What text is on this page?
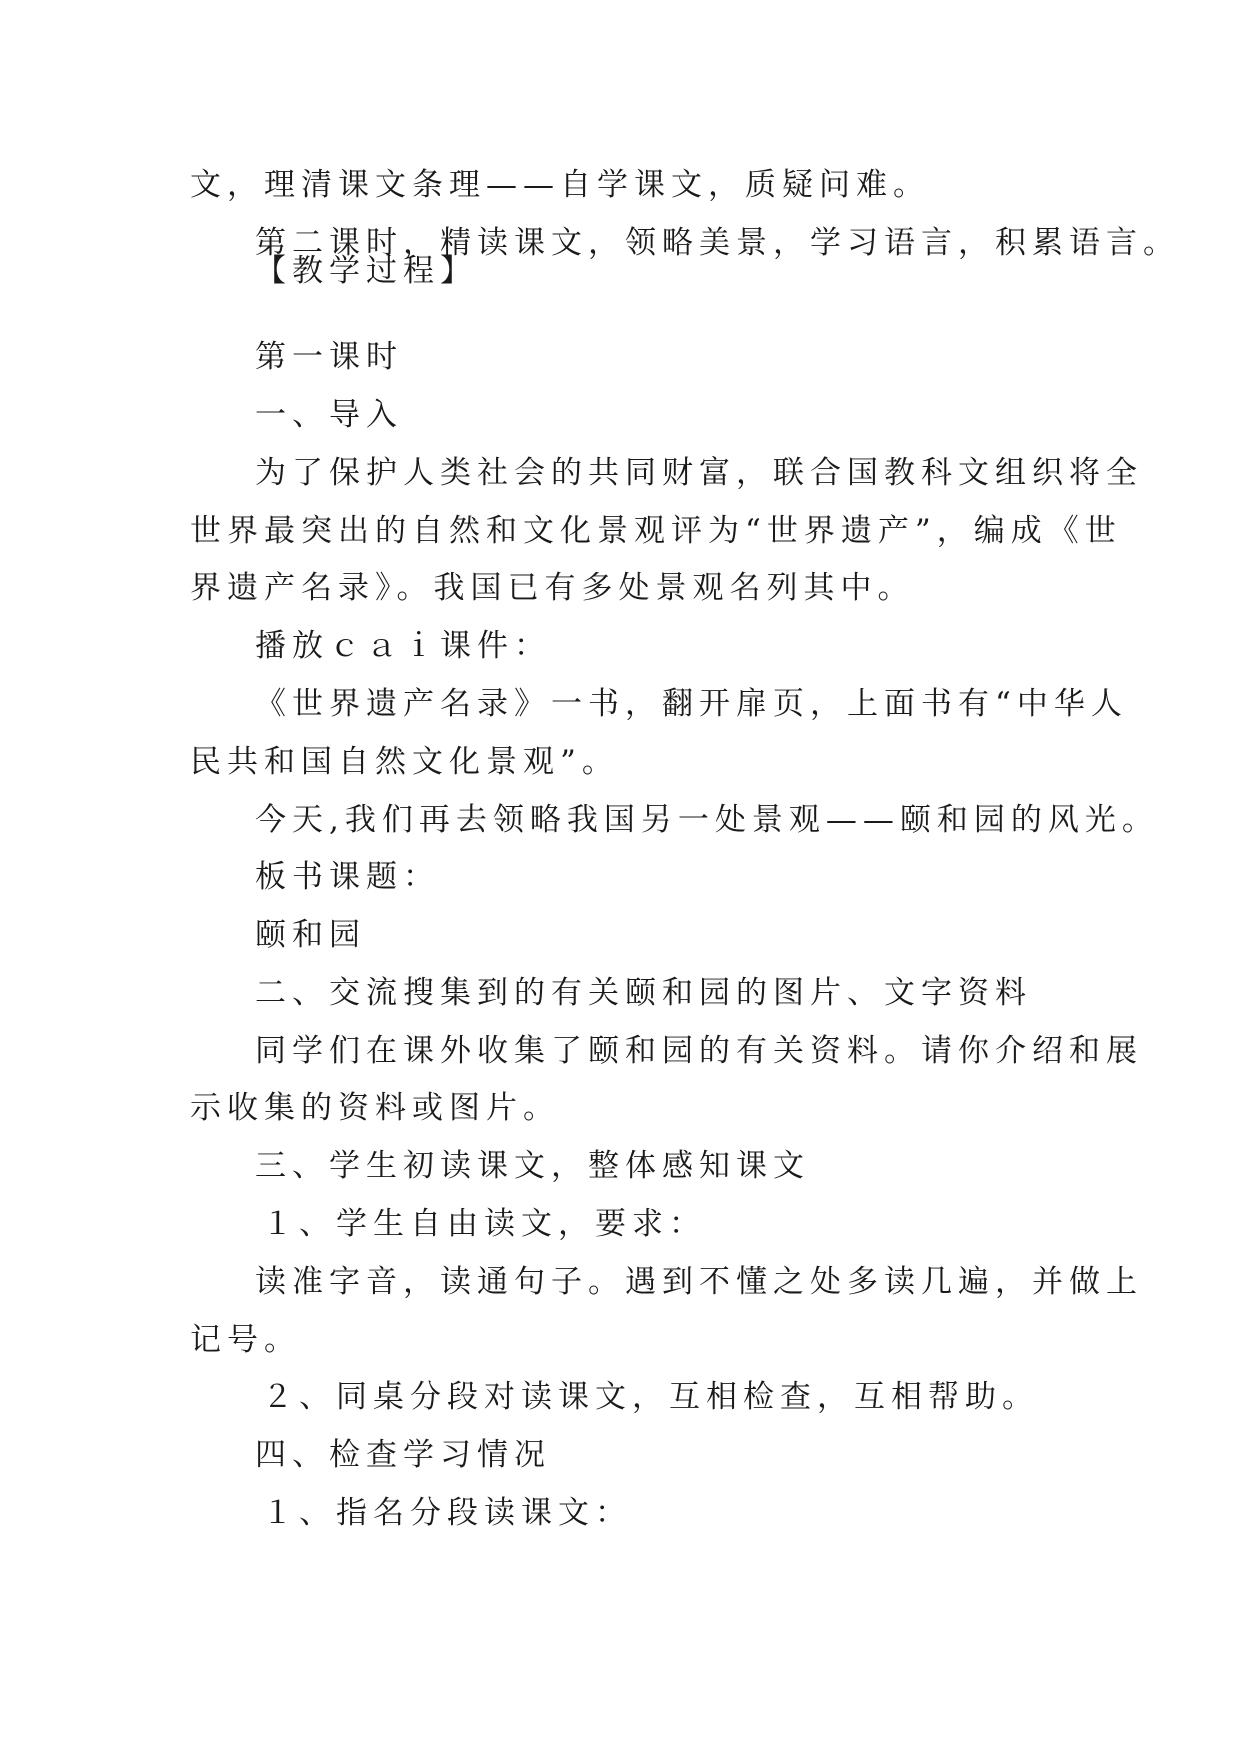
文，理清课文条理——自学课文，质疑问难。
第二课时，精读课文，领略美景，学习语言，积累语言。
【教学过程】
第一课时
一、导入
为了保护人类社会的共同财富，联合国教科文组织将全
世界最突出的自然和文化景观评为“世界遗产”，编成《世
界遗产名录》。我国已有多处景观名列其中。
播放ｃａｉ课件：
《世界遗产名录》一书，翻开扉页，上面书有“中华人
民共和国自然文化景观”。
今天,我们再去领略我国另一处景观——颐和园的风光。
板书课题：
颐和园
二、交流搜集到的有关颐和园的图片、文字资料
同学们在课外收集了颐和园的有关资料。请你介绍和展
示收集的资料或图片。
三、学生初读课文，整体感知课文
１、学生自由读文，要求：
读准字音，读通句子。遇到不懂之处多读几遍，并做上
记号。
２、同桌分段对读课文，互相检查，互相帮助。
四、检查学习情况
１、指名分段读课文：
